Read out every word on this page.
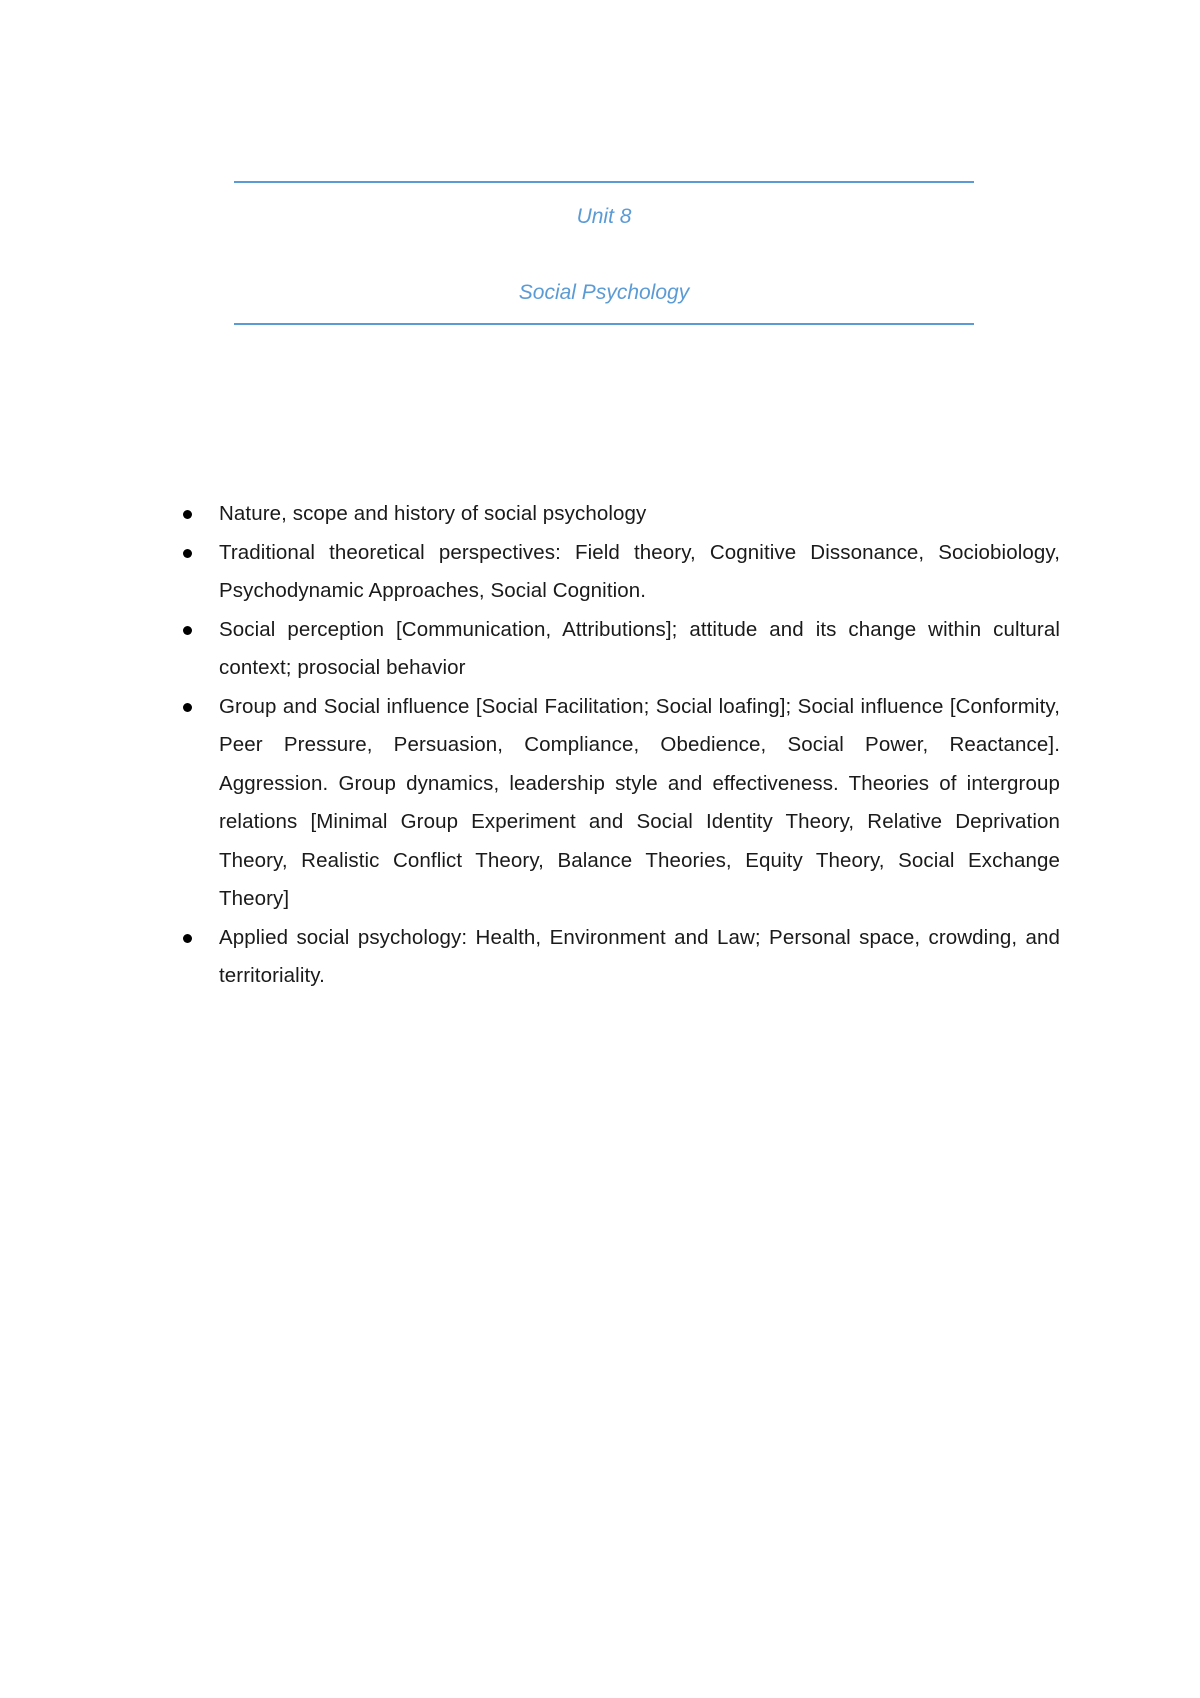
Unit 8
Social Psychology
Nature, scope and history of social psychology
Traditional theoretical perspectives: Field theory, Cognitive Dissonance, Sociobiology, Psychodynamic Approaches, Social Cognition.
Social perception [Communication, Attributions]; attitude and its change within cultural context; prosocial behavior
Group and Social influence [Social Facilitation; Social loafing]; Social influence [Conformity, Peer Pressure, Persuasion, Compliance, Obedience, Social Power, Reactance]. Aggression. Group dynamics, leadership style and effectiveness. Theories of intergroup relations [Minimal Group Experiment and Social Identity Theory, Relative Deprivation Theory, Realistic Conflict Theory, Balance Theories, Equity Theory, Social Exchange Theory]
Applied social psychology: Health, Environment and Law; Personal space, crowding, and territoriality.
